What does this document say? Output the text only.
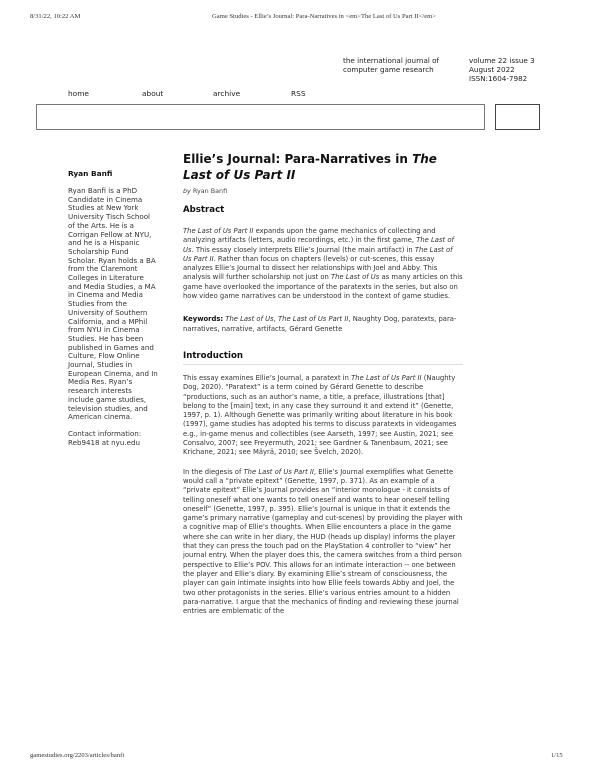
8/31/22, 10:22 AM	Game Studies - Ellie’s Journal: Para-Narratives in <em>The Last of Us Part II</em>
the international journal of computer game research
volume 22 issue 3
August 2022
ISSN:1604-7982
home	about	archive	RSS
Ryan Banfi
Ryan Banfi is a PhD Candidate in Cinema Studies at New York University Tisch School of the Arts. He is a Corrigan Fellow at NYU, and he is a Hispanic Scholarship Fund Scholar. Ryan holds a BA from the Claremont Colleges in Literature and Media Studies, a MA in Cinema and Media Studies from the University of Southern California, and a MPhil from NYU in Cinema Studies. He has been published in Games and Culture, Flow Online Journal, Studies in European Cinema, and In Media Res. Ryan’s research interests include game studies, television studies, and American cinema.
Contact information: Reb9418 at nyu.edu
Ellie’s Journal: Para-Narratives in The Last of Us Part II
by Ryan Banfi
Abstract

The Last of Us Part II expands upon the game mechanics of collecting and analyzing artifacts (letters, audio recordings, etc.) in the first game, The Last of Us. This essay closely interprets Ellie’s Journal (the main artifact) in The Last of Us Part II. Rather than focus on chapters (levels) or cut-scenes, this essay analyzes Ellie’s Journal to dissect her relationships with Joel and Abby. This analysis will further scholarship not just on The Last of Us as many articles on this game have overlooked the importance of the paratexts in the series, but also on how video game narratives can be understood in the context of game studies.

Keywords: The Last of Us, The Last of Us Part II, Naughty Dog, paratexts, para-narratives, narrative, artifacts, Gérard Genette

Introduction

This essay examines Ellie’s Journal, a paratext in The Last of Us Part II (Naughty Dog, 2020). “Paratext” is a term coined by Gérard Genette to describe “productions, such as an author’s name, a title, a preface, illustrations [that] belong to the [main] text, in any case they surround it and extend it” (Genette, 1997, p. 1). Although Genette was primarily writing about literature in his book (1997), game studies has adopted his terms to discuss paratexts in videogames e.g., in-game menus and collectibles (see Aarseth, 1997; see Austin, 2021; see Consalvo, 2007; see Freyermuth, 2021; see Gardner & Tanenbaum, 2021; see Krichane, 2021; see Mäyrä, 2010; see Švelch, 2020).

In the diegesis of The Last of Us Part II, Ellie’s Journal exemplifies what Genette would call a “private epitext” (Genette, 1997, p. 371). As an example of a “private epitext” Ellie’s Journal provides an “interior monologue - it consists of telling oneself what one wants to tell oneself and wants to hear oneself telling oneself” (Genette, 1997, p. 395). Ellie’s Journal is unique in that it extends the game’s primary narrative (gameplay and cut-scenes) by providing the player with a cognitive map of Ellie’s thoughts. When Ellie encounters a place in the game where she can write in her diary, the HUD (heads up display) informs the player that they can press the touch pad on the PlayStation 4 controller to “view” her journal entry. When the player does this, the camera switches from a third person perspective to Ellie’s POV. This allows for an intimate interaction -- one between the player and Ellie’s diary. By examining Ellie’s stream of consciousness, the player can gain intimate insights into how Ellie feels towards Abby and Joel, the two other protagonists in the series. Ellie’s various entries amount to a hidden para-narrative. I argue that the mechanics of finding and reviewing these journal entries are emblematic of the

gamestudies.org/2203/articles/banfi	1/15
